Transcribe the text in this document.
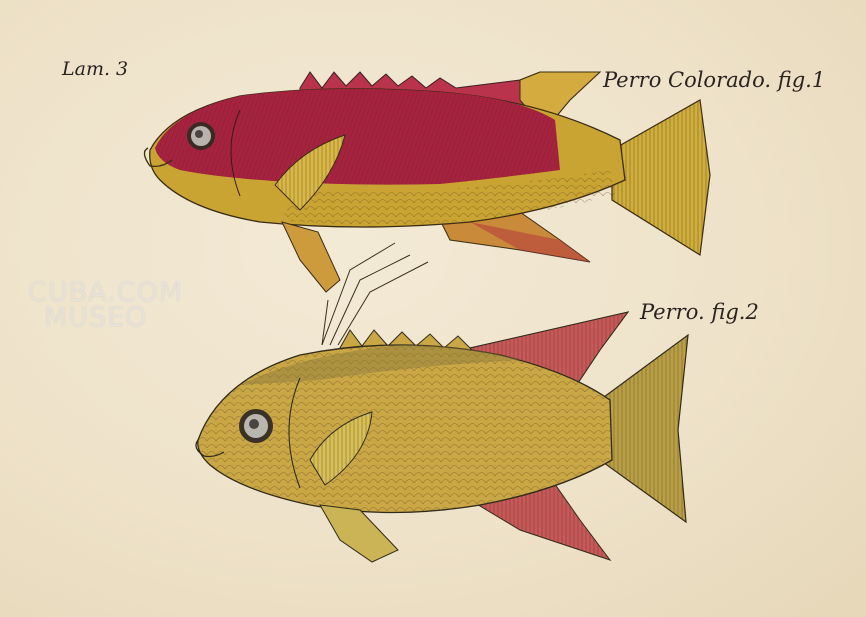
Lam. 3	Perro Colorado. fig.1
Perro. fig.2
CUBA.COM
MUSEO
